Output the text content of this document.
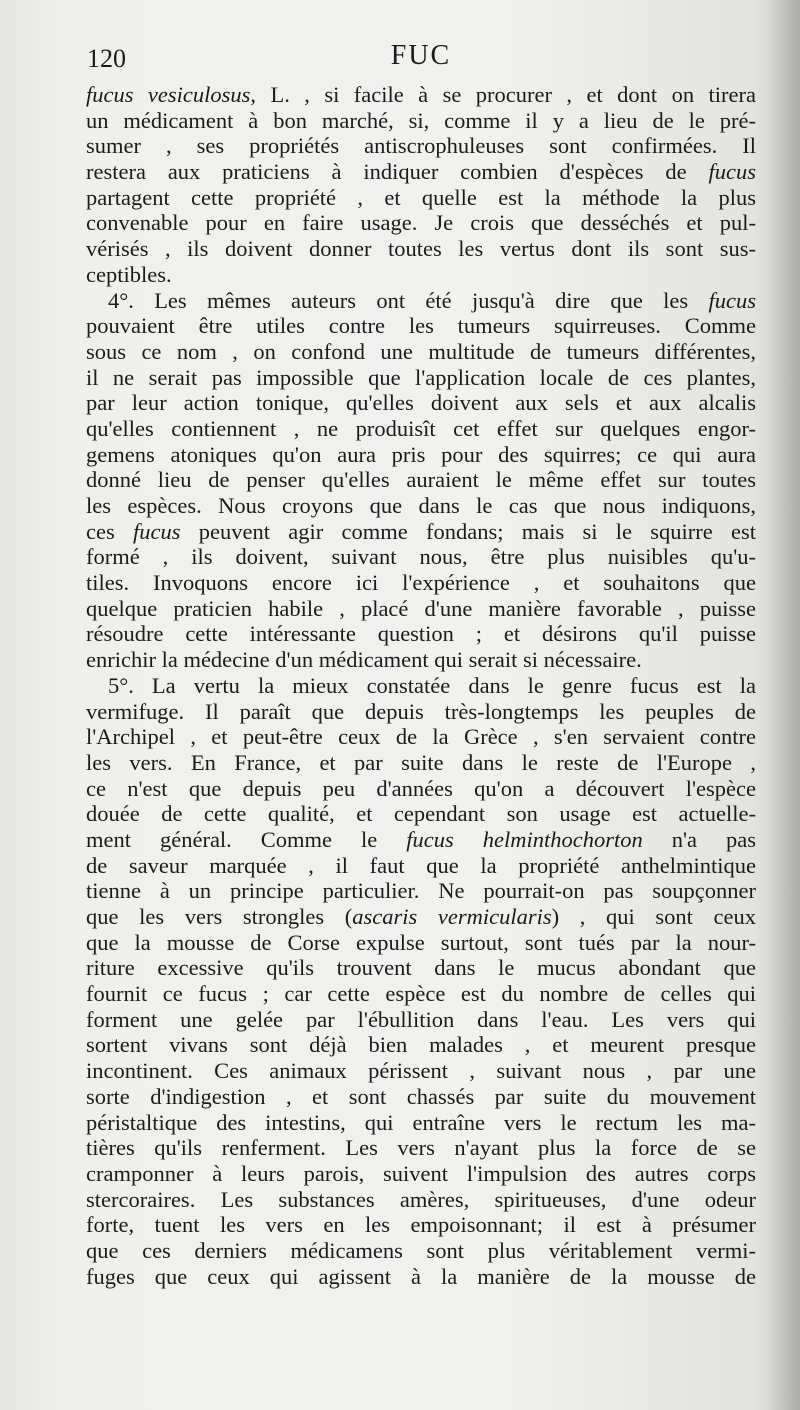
120	FUC
fucus vesiculosus, L. , si facile à se procurer , et dont on tirera
un médicament à bon marché, si, comme il y a lieu de le pré-
sumer , ses propriétés antiscrophuleuses sont confirmées. Il
restera aux praticiens à indiquer combien d'espèces de fucus
partagent cette propriété , et quelle est la méthode la plus
convenable pour en faire usage. Je crois que desséchés et pul-
vérisés , ils doivent donner toutes les vertus dont ils sont sus-
ceptibles.
4°. Les mêmes auteurs ont été jusqu'à dire que les fucus
pouvaient être utiles contre les tumeurs squirreuses. Comme
sous ce nom , on confond une multitude de tumeurs différentes,
il ne serait pas impossible que l'application locale de ces plantes,
par leur action tonique, qu'elles doivent aux sels et aux alcalis
qu'elles contiennent , ne produisît cet effet sur quelques engor-
gemens atoniques qu'on aura pris pour des squirres; ce qui aura
donné lieu de penser qu'elles auraient le même effet sur toutes
les espèces. Nous croyons que dans le cas que nous indiquons,
ces fucus peuvent agir comme fondans; mais si le squirre est
formé , ils doivent, suivant nous, être plus nuisibles qu'u-
tiles. Invoquons encore ici l'expérience , et souhaitons que
quelque praticien habile , placé d'une manière favorable , puisse
résoudre cette intéressante question ; et désirons qu'il puisse
enrichir la médecine d'un médicament qui serait si nécessaire.
5°. La vertu la mieux constatée dans le genre fucus est la
vermifuge. Il paraît que depuis très-longtemps les peuples de
l'Archipel , et peut-être ceux de la Grèce , s'en servaient contre
les vers. En France, et par suite dans le reste de l'Europe ,
ce n'est que depuis peu d'années qu'on a découvert l'espèce
douée de cette qualité, et cependant son usage est actuelle-
ment général. Comme le fucus helminthochorton n'a pas
de saveur marquée , il faut que la propriété anthelmintique
tienne à un principe particulier. Ne pourrait-on pas soupçonner
que les vers strongles (ascaris vermicularis) , qui sont ceux
que la mousse de Corse expulse surtout, sont tués par la nour-
riture excessive qu'ils trouvent dans le mucus abondant que
fournit ce fucus ; car cette espèce est du nombre de celles qui
forment une gelée par l'ébullition dans l'eau. Les vers qui
sortent vivans sont déjà bien malades , et meurent presque
incontinent. Ces animaux périssent , suivant nous , par une
sorte d'indigestion , et sont chassés par suite du mouvement
péristaltique des intestins, qui entraîne vers le rectum les ma-
tières qu'ils renferment. Les vers n'ayant plus la force de se
cramponner à leurs parois, suivent l'impulsion des autres corps
stercoraires. Les substances amères, spiritueuses, d'une odeur
forte, tuent les vers en les empoisonnant; il est à présumer
que ces derniers médicamens sont plus véritablement vermi-
fuges que ceux qui agissent à la manière de la mousse de
